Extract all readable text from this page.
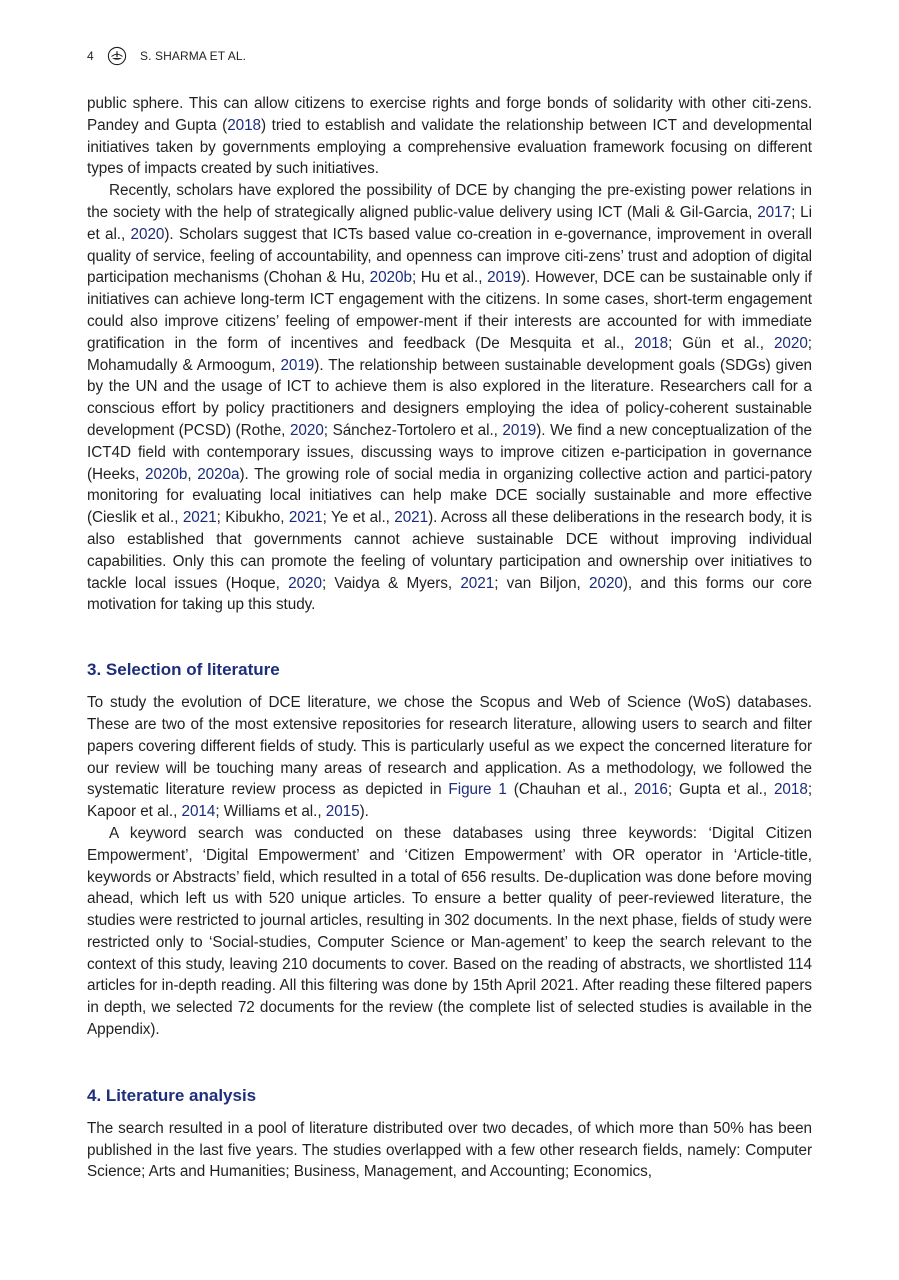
4	S. SHARMA ET AL.

public sphere. This can allow citizens to exercise rights and forge bonds of solidarity with other citi-zens. Pandey and Gupta (2018) tried to establish and validate the relationship between ICT and developmental initiatives taken by governments employing a comprehensive evaluation framework focusing on different types of impacts created by such initiatives.

Recently, scholars have explored the possibility of DCE by changing the pre-existing power relations in the society with the help of strategically aligned public-value delivery using ICT (Mali & Gil-Garcia, 2017; Li et al., 2020). Scholars suggest that ICTs based value co-creation in e-governance, improvement in overall quality of service, feeling of accountability, and openness can improve citi-zens’ trust and adoption of digital participation mechanisms (Chohan & Hu, 2020b; Hu et al., 2019). However, DCE can be sustainable only if initiatives can achieve long-term ICT engagement with the citizens. In some cases, short-term engagement could also improve citizens’ feeling of empower-ment if their interests are accounted for with immediate gratification in the form of incentives and feedback (De Mesquita et al., 2018; Gün et al., 2020; Mohamudally & Armoogum, 2019). The relationship between sustainable development goals (SDGs) given by the UN and the usage of ICT to achieve them is also explored in the literature. Researchers call for a conscious effort by policy practitioners and designers employing the idea of policy-coherent sustainable development (PCSD) (Rothe, 2020; Sánchez-Tortolero et al., 2019). We find a new conceptualization of the ICT4D field with contemporary issues, discussing ways to improve citizen e-participation in governance (Heeks, 2020b, 2020a). The growing role of social media in organizing collective action and partici-patory monitoring for evaluating local initiatives can help make DCE socially sustainable and more effective (Cieslik et al., 2021; Kibukho, 2021; Ye et al., 2021). Across all these deliberations in the research body, it is also established that governments cannot achieve sustainable DCE without improving individual capabilities. Only this can promote the feeling of voluntary participation and ownership over initiatives to tackle local issues (Hoque, 2020; Vaidya & Myers, 2021; van Biljon, 2020), and this forms our core motivation for taking up this study.

3. Selection of literature

To study the evolution of DCE literature, we chose the Scopus and Web of Science (WoS) databases. These are two of the most extensive repositories for research literature, allowing users to search and filter papers covering different fields of study. This is particularly useful as we expect the concerned literature for our review will be touching many areas of research and application. As a methodology, we followed the systematic literature review process as depicted in Figure 1 (Chauhan et al., 2016; Gupta et al., 2018; Kapoor et al., 2014; Williams et al., 2015).

A keyword search was conducted on these databases using three keywords: ‘Digital Citizen Empowerment’, ‘Digital Empowerment’ and ‘Citizen Empowerment’ with OR operator in ‘Article-title, keywords or Abstracts’ field, which resulted in a total of 656 results. De-duplication was done before moving ahead, which left us with 520 unique articles. To ensure a better quality of peer-reviewed literature, the studies were restricted to journal articles, resulting in 302 documents. In the next phase, fields of study were restricted only to ‘Social-studies, Computer Science or Man-agement’ to keep the search relevant to the context of this study, leaving 210 documents to cover. Based on the reading of abstracts, we shortlisted 114 articles for in-depth reading. All this filtering was done by 15th April 2021. After reading these filtered papers in depth, we selected 72 documents for the review (the complete list of selected studies is available in the Appendix).

4. Literature analysis

The search resulted in a pool of literature distributed over two decades, of which more than 50% has been published in the last five years. The studies overlapped with a few other research fields, namely: Computer Science; Arts and Humanities; Business, Management, and Accounting; Economics,
